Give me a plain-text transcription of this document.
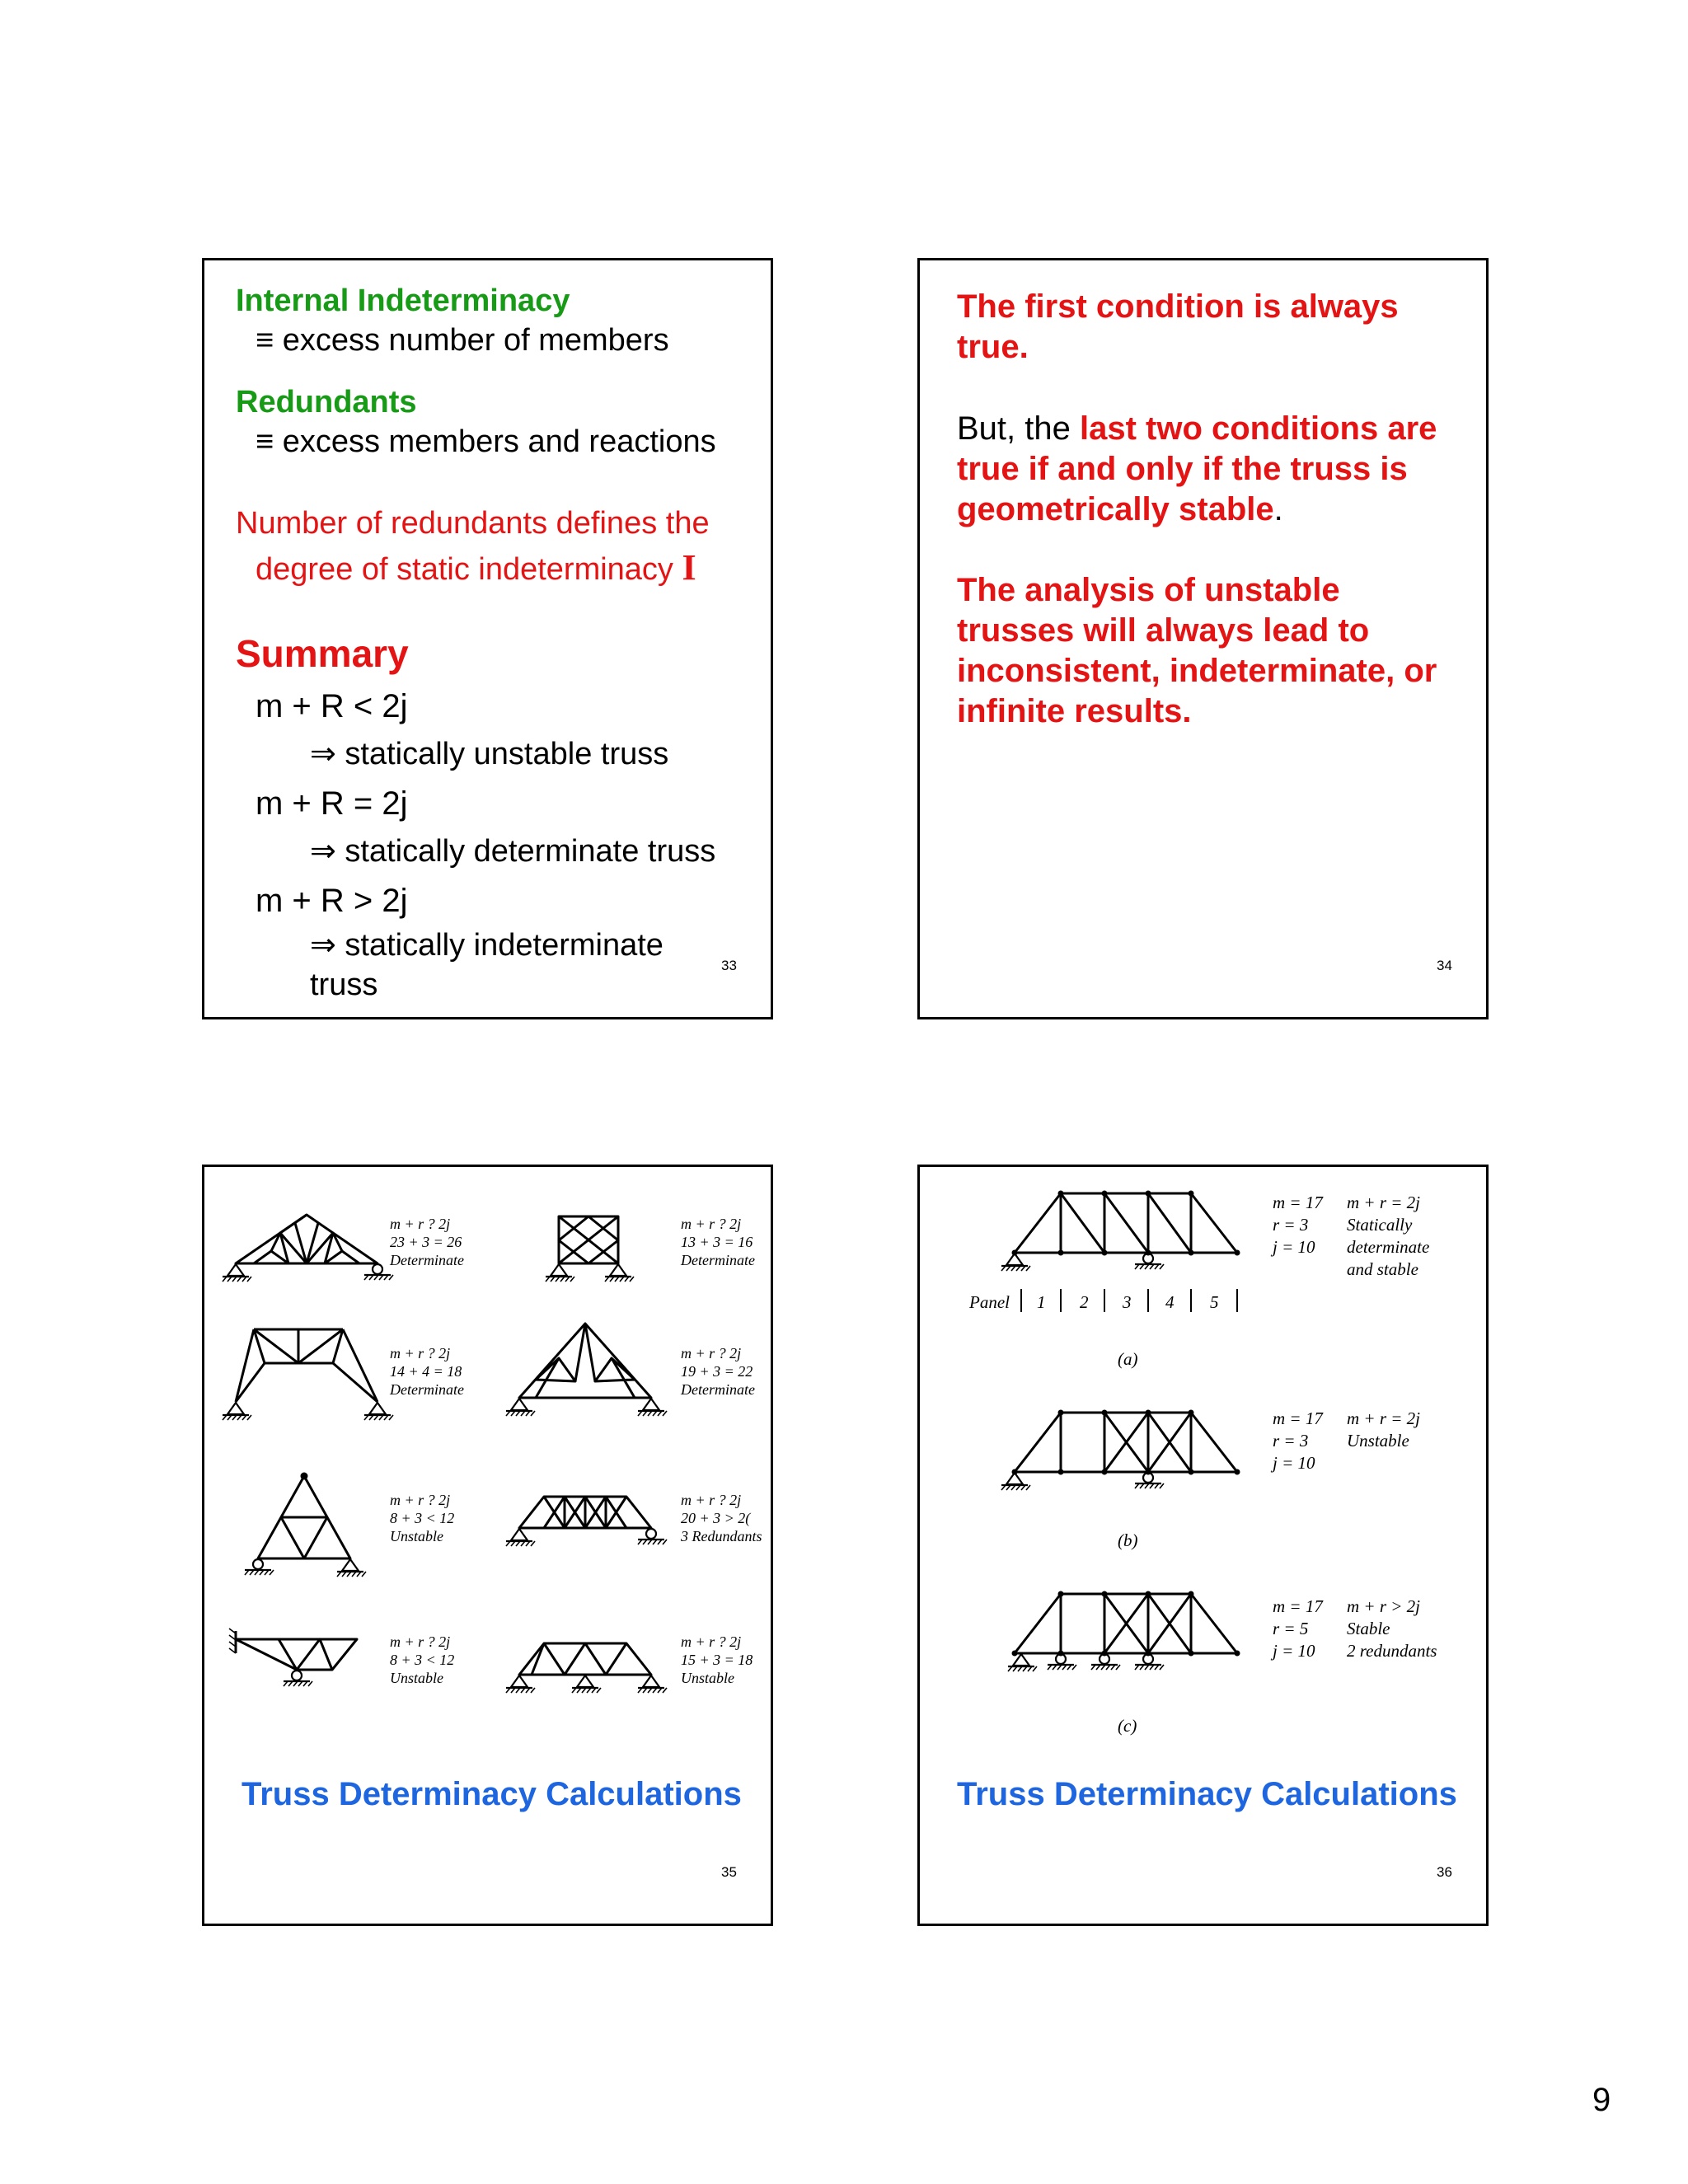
Internal Indeterminacy
≡ excess number of members
Redundants
≡ excess members and reactions
Number of redundants defines the
degree of static indeterminacy I
Summary
m + R < 2j
⇒ statically unstable truss
m + R = 2j
⇒ statically determinate truss
m + R > 2j
⇒ statically indeterminate
truss
33
The first condition is always
true.
But, the last two conditions are
true if and only if the truss is
geometrically stable.
The analysis of unstable
trusses will always lead to
inconsistent, indeterminate, or
infinite results.
34
m + r ? 2j
23 + 3 = 26
Determinate
m + r ? 2j
13 + 3 = 16
Determinate
m + r ? 2j
14 + 4 = 18
Determinate
m + r ? 2j
19 + 3 = 22
Determinate
m + r ? 2j
8 + 3 < 12
Unstable
m + r ? 2j
20 + 3 > 2(
3 Redundants
m + r ? 2j
8 + 3 < 12
Unstable
m + r ? 2j
15 + 3 = 18
Unstable
Truss Determinacy Calculations
35
m = 17
r = 3
j = 10
m + r = 2j
Statically
determinate
and stable
Panel 1 2 3 4 5
(a)
m = 17
r = 3
j = 10
m + r = 2j
Unstable
(b)
m = 17
r = 5
j = 10
m + r > 2j
Stable
2 redundants
(c)
Truss Determinacy Calculations
36
9
